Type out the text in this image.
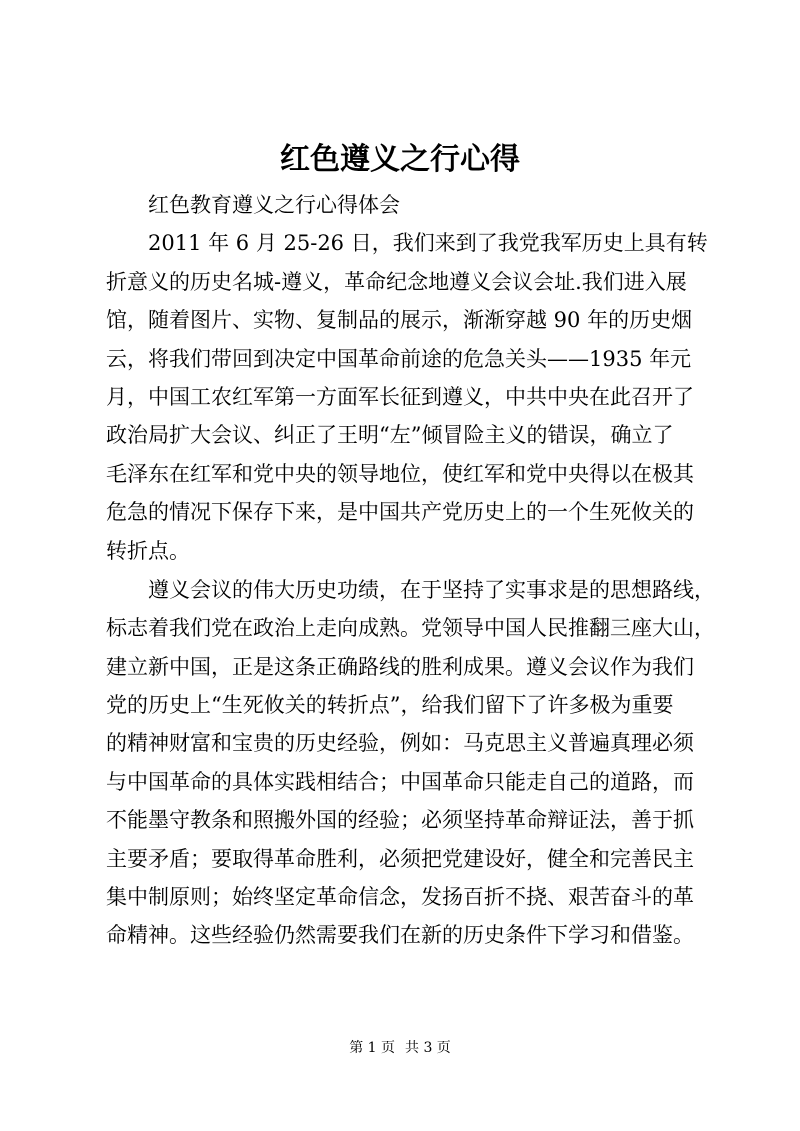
红色遵义之行心得
红色教育遵义之行心得体会
2011 年 6 月 25-26 日，我们来到了我党我军历史上具有转
折意义的历史名城-遵义，革命纪念地遵义会议会址.我们进入展
馆，随着图片、实物、复制品的展示，渐渐穿越 90 年的历史烟
云，将我们带回到决定中国革命前途的危急关头——1935 年元
月，中国工农红军第一方面军长征到遵义，中共中央在此召开了
政治局扩大会议、纠正了王明“左”倾冒险主义的错误，确立了
毛泽东在红军和党中央的领导地位，使红军和党中央得以在极其
危急的情况下保存下来，是中国共产党历史上的一个生死攸关的
转折点。
遵义会议的伟大历史功绩，在于坚持了实事求是的思想路线，
标志着我们党在政治上走向成熟。党领导中国人民推翻三座大山，
建立新中国，正是这条正确路线的胜利成果。遵义会议作为我们
党的历史上“生死攸关的转折点”，给我们留下了许多极为重要
的精神财富和宝贵的历史经验，例如：马克思主义普遍真理必须
与中国革命的具体实践相结合；中国革命只能走自己的道路，而
不能墨守教条和照搬外国的经验；必须坚持革命辩证法，善于抓
主要矛盾；要取得革命胜利，必须把党建设好，健全和完善民主
集中制原则；始终坚定革命信念，发扬百折不挠、艰苦奋斗的革
命精神。这些经验仍然需要我们在新的历史条件下学习和借鉴。
第 1 页 共 3 页
